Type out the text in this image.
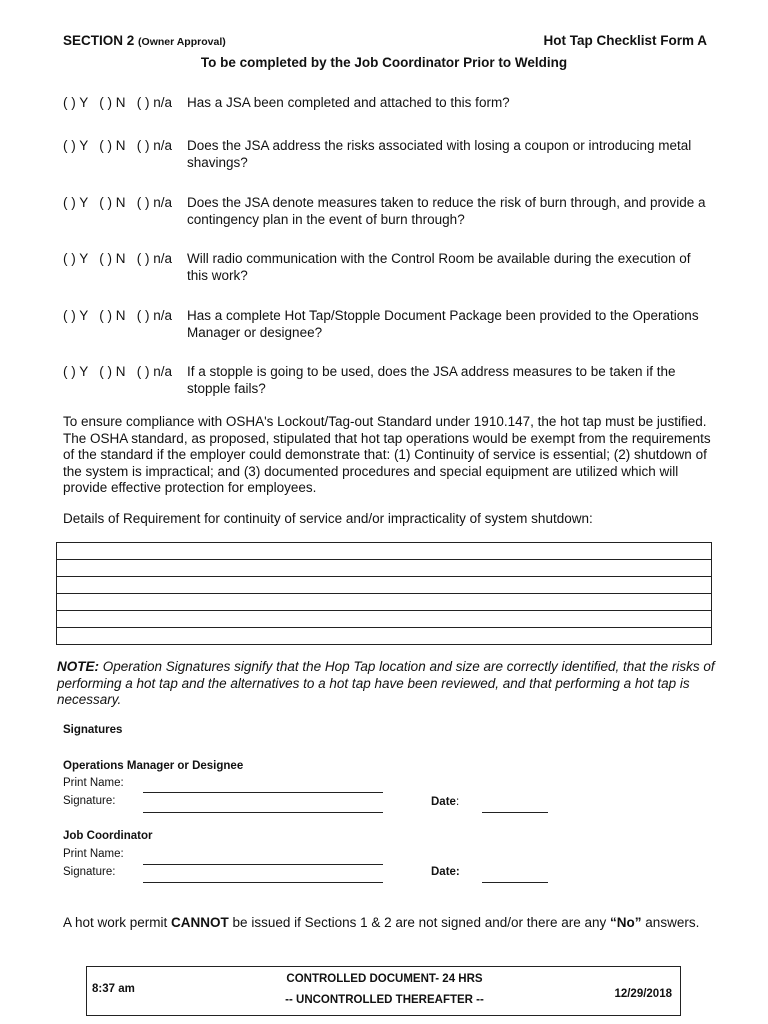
SECTION 2 (Owner Approval)	Hot Tap Checklist Form A
To be completed by the Job Coordinator Prior to Welding
( ) Y   ( ) N   ( ) n/a	Has a JSA been completed and attached to this form?
( ) Y   ( ) N   ( ) n/a	Does the JSA address the risks associated with losing a coupon or introducing metal shavings?
( ) Y   ( ) N   ( ) n/a	Does the JSA denote measures taken to reduce the risk of burn through, and provide a contingency plan in the event of burn through?
( ) Y   ( ) N   ( ) n/a	Will radio communication with the Control Room be available during the execution of this work?
( ) Y   ( ) N   ( ) n/a	Has a complete Hot Tap/Stopple Document Package been provided to the Operations Manager or designee?
( ) Y   ( ) N   ( ) n/a	If a stopple is going to be used, does the JSA address measures to be taken if the stopple fails?
To ensure compliance with OSHA's Lockout/Tag-out Standard under 1910.147, the hot tap must be justified. The OSHA standard, as proposed, stipulated that hot tap operations would be exempt from the requirements of the standard if the employer could demonstrate that: (1) Continuity of service is essential; (2) shutdown of the system is impractical; and (3) documented procedures and special equipment are utilized which will provide effective protection for employees.
Details of Requirement for continuity of service and/or impracticality of system shutdown:
NOTE: Operation Signatures signify that the Hop Tap location and size are correctly identified, that the risks of performing a hot tap and the alternatives to a hot tap have been reviewed, and that performing a hot tap is necessary.
Signatures
Operations Manager or Designee
Print Name:
Signature:	Date:
Job Coordinator
Print Name:
Signature:	Date:
A hot work permit CANNOT be issued if Sections 1 & 2 are not signed and/or there are any “No” answers.
8:37 am
CONTROLLED DOCUMENT- 24 HRS
-- UNCONTROLLED THEREAFTER --	12/29/2018
